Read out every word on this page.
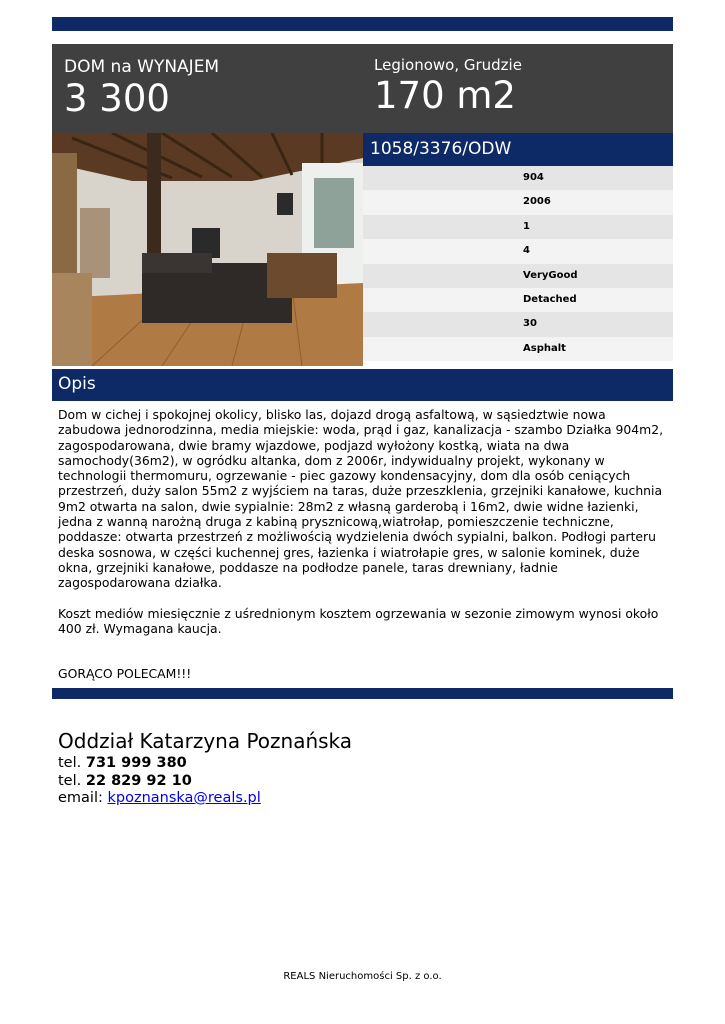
DOM na WYNAJEM
3 300
Legionowo, Grudzie
170 m2
1058/3376/ODW
904
2006
1
4
VeryGood
Detached
30
Asphalt
Opis

Dom w cichej i spokojnej okolicy, blisko las, dojazd drogą asfaltową, w sąsiedztwie nowa zabudowa jednorodzinna, media miejskie: woda, prąd i gaz, kanalizacja - szambo Działka 904m2, zagospodarowana, dwie bramy wjazdowe, podjazd wyłożony kostką, wiata na dwa samochody(36m2), w ogródku altanka, dom z 2006r, indywidualny projekt, wykonany w technologii thermomuru, ogrzewanie - piec gazowy kondensacyjny, dom dla osób ceniących przestrzeń, duży salon 55m2 z wyjściem na taras, duże przeszklenia, grzejniki kanałowe, kuchnia 9m2 otwarta na salon, dwie sypialnie: 28m2 z własną garderobą i 16m2, dwie widne łazienki, jedna z wanną narożną druga z kabiną prysznicową,wiatrołap, pomieszczenie techniczne, poddasze: otwarta przestrzeń z możliwością wydzielenia dwóch sypialni, balkon. Podłogi parteru deska sosnowa, w części kuchennej gres, łazienka i wiatrołapie gres, w salonie kominek, duże okna, grzejniki kanałowe, poddasze na podłodze panele, taras drewniany, ładnie zagospodarowana działka.

Koszt mediów miesięcznie z uśrednionym kosztem ogrzewania w sezonie zimowym wynosi około 400 zł. Wymagana kaucja.

GORĄCO POLECAM!!!

Oddział Katarzyna Poznańska
tel. 731 999 380
tel. 22 829 92 10
email: kpoznanska@reals.pl
REALS Nieruchomości Sp. z o.o.
